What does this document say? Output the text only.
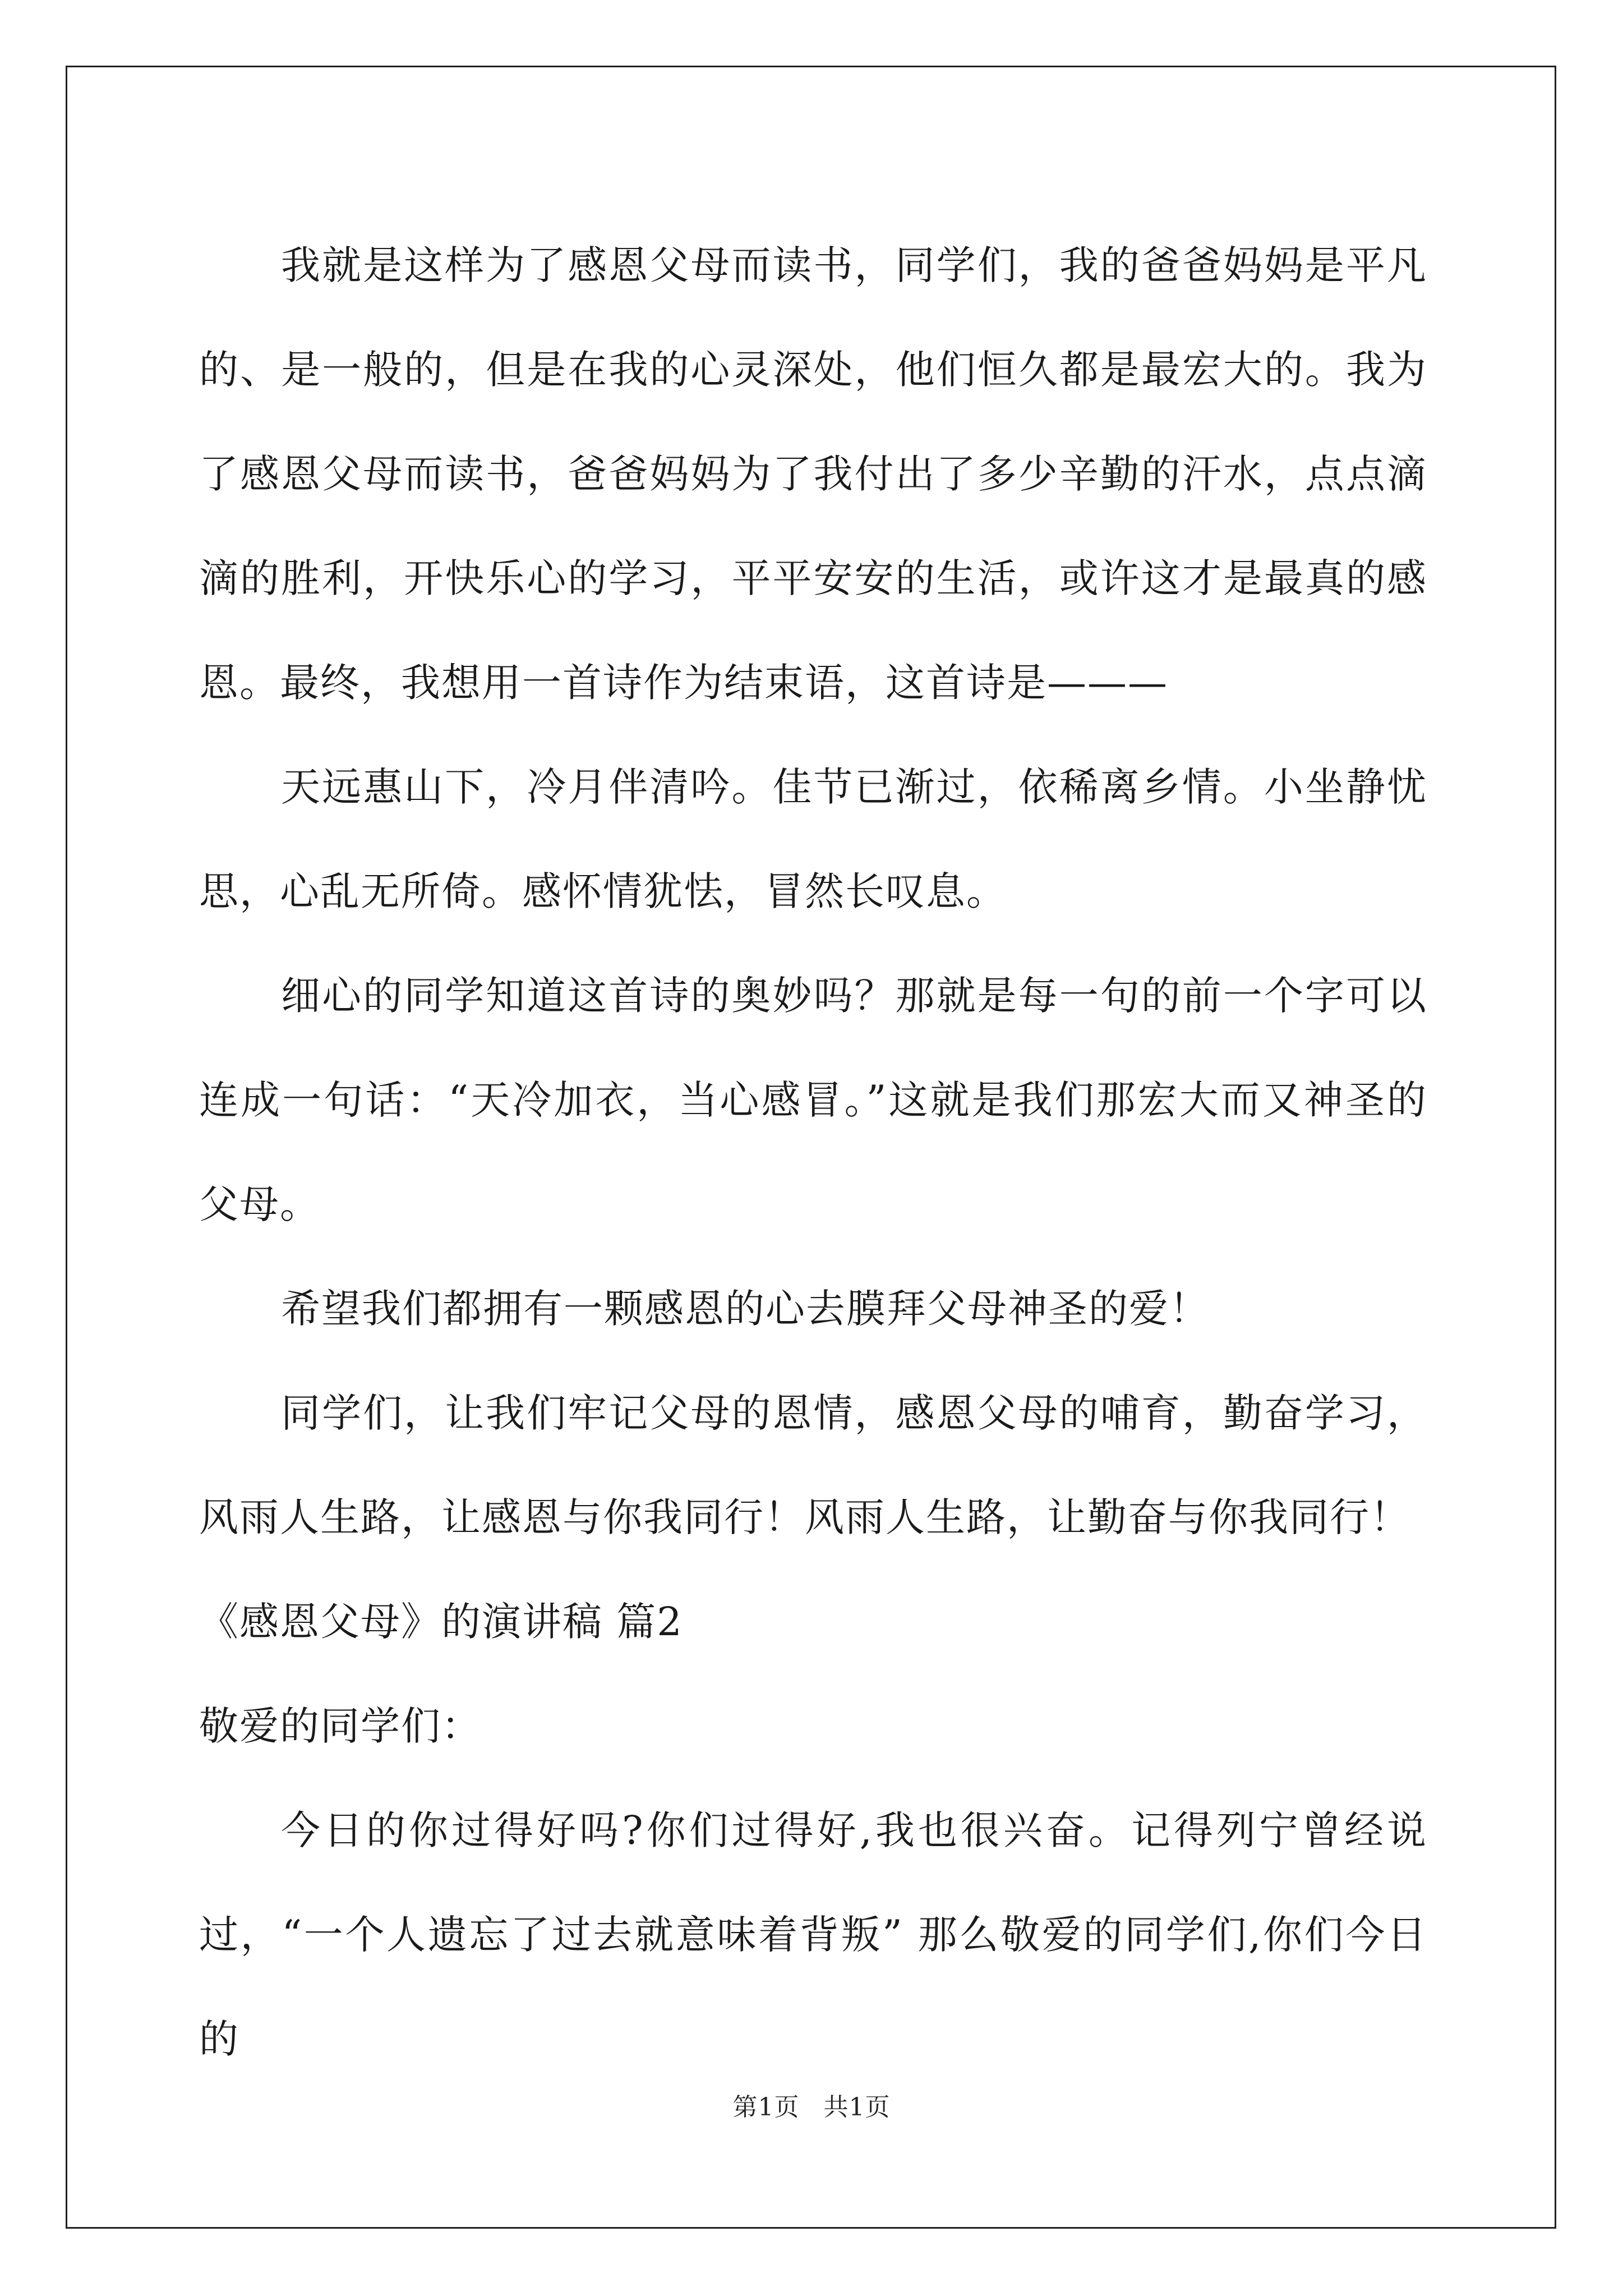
我就是这样为了感恩父母而读书，同学们，我的爸爸妈妈是平凡的、是一般的，但是在我的心灵深处，他们恒久都是最宏大的。我为了感恩父母而读书，爸爸妈妈为了我付出了多少辛勤的汗水，点点滴滴的胜利，开快乐心的学习，平平安安的生活，或许这才是最真的感恩。最终，我想用一首诗作为结束语，这首诗是———

天远惠山下，冷月伴清吟。佳节已渐过，依稀离乡情。小坐静忧思，心乱无所倚。感怀情犹怯，冒然长叹息。

细心的同学知道这首诗的奥妙吗？那就是每一句的前一个字可以连成一句话：“天冷加衣，当心感冒。”这就是我们那宏大而又神圣的父母。

希望我们都拥有一颗感恩的心去膜拜父母神圣的爱！

同学们，让我们牢记父母的恩情，感恩父母的哺育，勤奋学习，风雨人生路，让感恩与你我同行！风雨人生路，让勤奋与你我同行！

《感恩父母》的演讲稿 篇2

敬爱的同学们：

今日的你过得好吗?你们过得好,我也很兴奋。记得列宁曾经说过，“一个人遗忘了过去就意味着背叛” 那么敬爱的同学们,你们今日的

第1页 共1页
